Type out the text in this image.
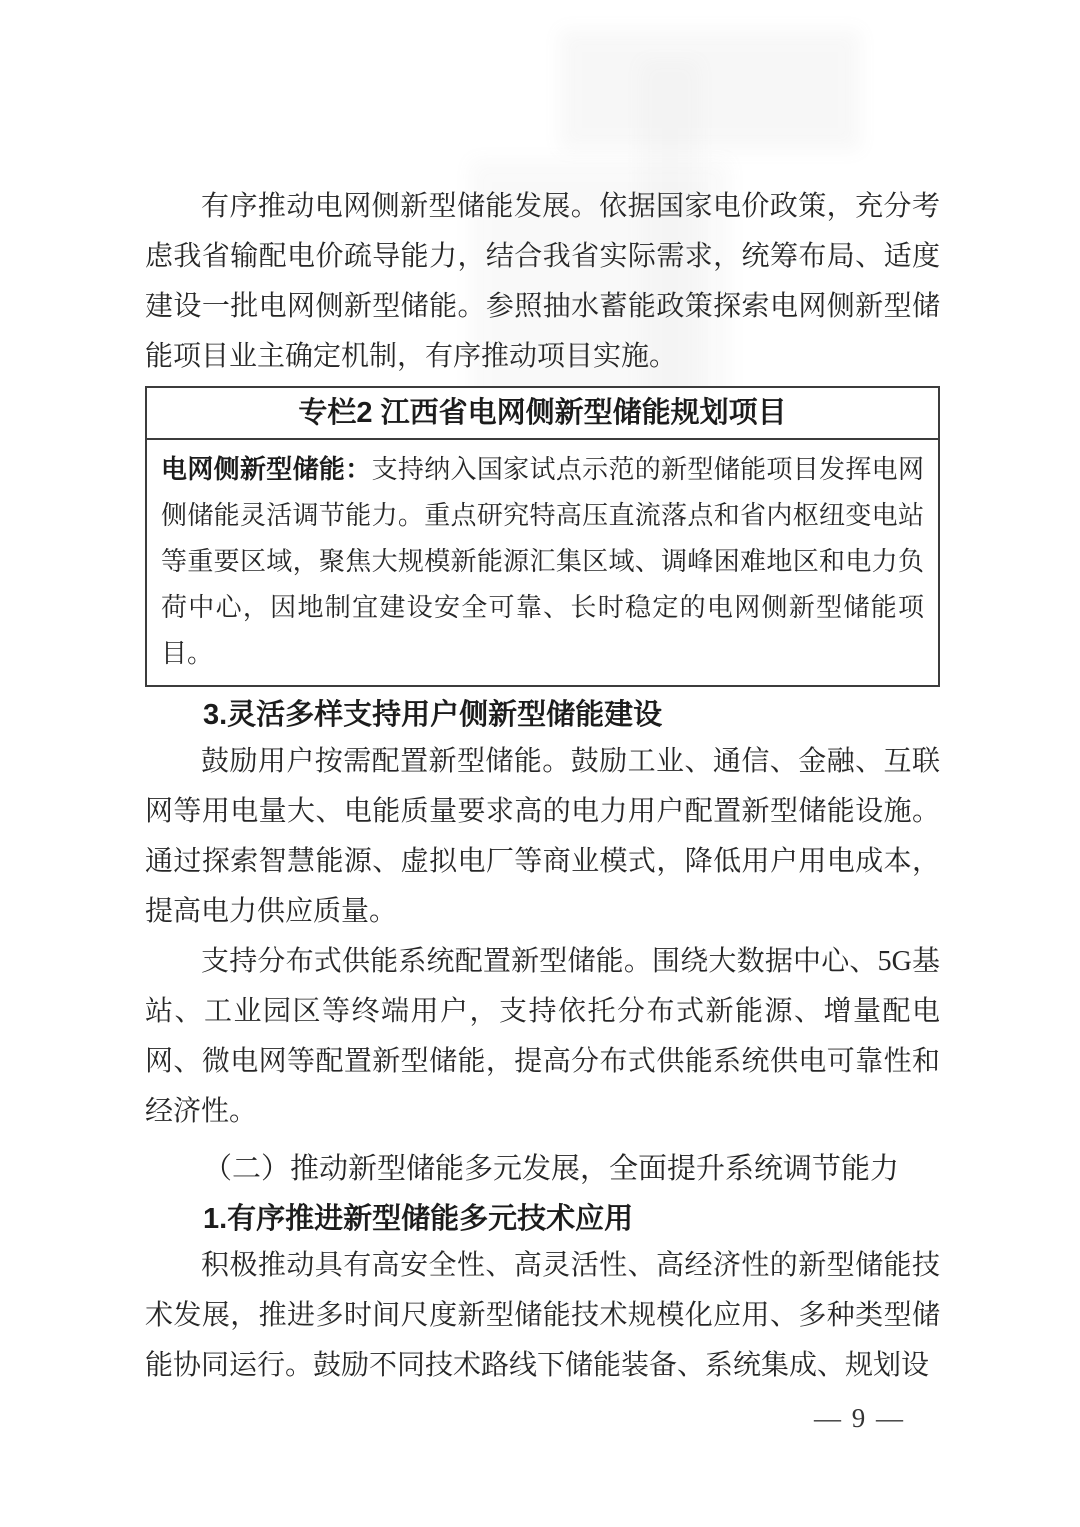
有序推动电网侧新型储能发展。依据国家电价政策，充分考虑我省输配电价疏导能力，结合我省实际需求，统筹布局、适度建设一批电网侧新型储能。参照抽水蓄能政策探索电网侧新型储能项目业主确定机制，有序推动项目实施。

专栏2 江西省电网侧新型储能规划项目
电网侧新型储能：支持纳入国家试点示范的新型储能项目发挥电网侧储能灵活调节能力。重点研究特高压直流落点和省内枢纽变电站等重要区域，聚焦大规模新能源汇集区域、调峰困难地区和电力负荷中心，因地制宜建设安全可靠、长时稳定的电网侧新型储能项目。
3.灵活多样支持用户侧新型储能建设

鼓励用户按需配置新型储能。鼓励工业、通信、金融、互联网等用电量大、电能质量要求高的电力用户配置新型储能设施。通过探索智慧能源、虚拟电厂等商业模式，降低用户用电成本，提高电力供应质量。

支持分布式供能系统配置新型储能。围绕大数据中心、5G基站、工业园区等终端用户，支持依托分布式新能源、增量配电网、微电网等配置新型储能，提高分布式供能系统供电可靠性和经济性。

（二）推动新型储能多元发展，全面提升系统调节能力
1.有序推进新型储能多元技术应用

积极推动具有高安全性、高灵活性、高经济性的新型储能技术发展，推进多时间尺度新型储能技术规模化应用、多种类型储能协同运行。鼓励不同技术路线下储能装备、系统集成、规划设

— 9 —
